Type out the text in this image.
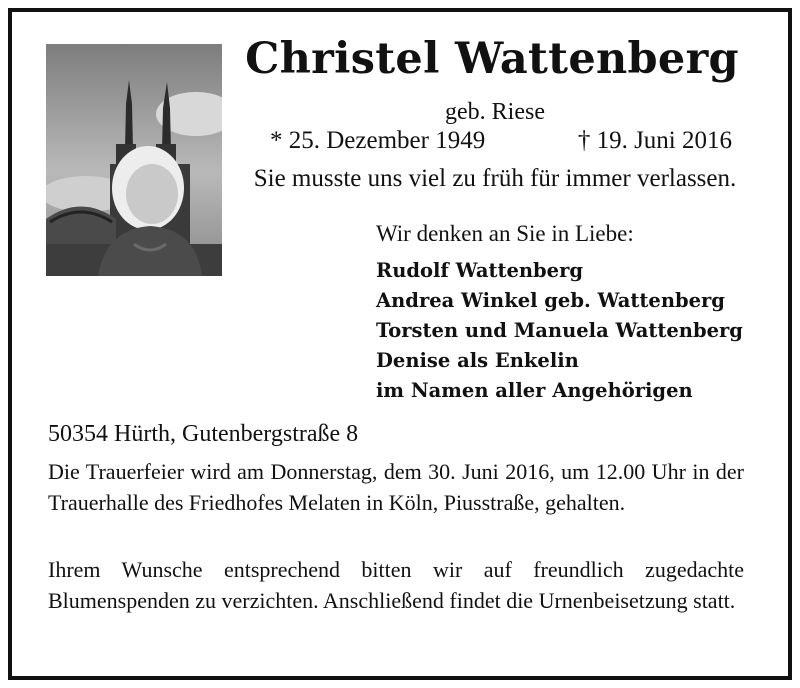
Christel Wattenberg
geb. Riese
* 25. Dezember 1949	† 19. Juni 2016
Sie musste uns viel zu früh für immer verlassen.
Wir denken an Sie in Liebe:
Rudolf Wattenberg
Andrea Winkel geb. Wattenberg
Torsten und Manuela Wattenberg
Denise als Enkelin
im Namen aller Angehörigen
50354 Hürth, Gutenbergstraße 8

Die Trauerfeier wird am Donnerstag, dem 30. Juni 2016, um 12.00 Uhr in der Trauerhalle des Friedhofes Melaten in Köln, Piusstraße, gehalten.

Ihrem Wunsche entsprechend bitten wir auf freundlich zugedachte Blumenspenden zu verzichten. Anschließend findet die Urnenbeisetzung statt.
